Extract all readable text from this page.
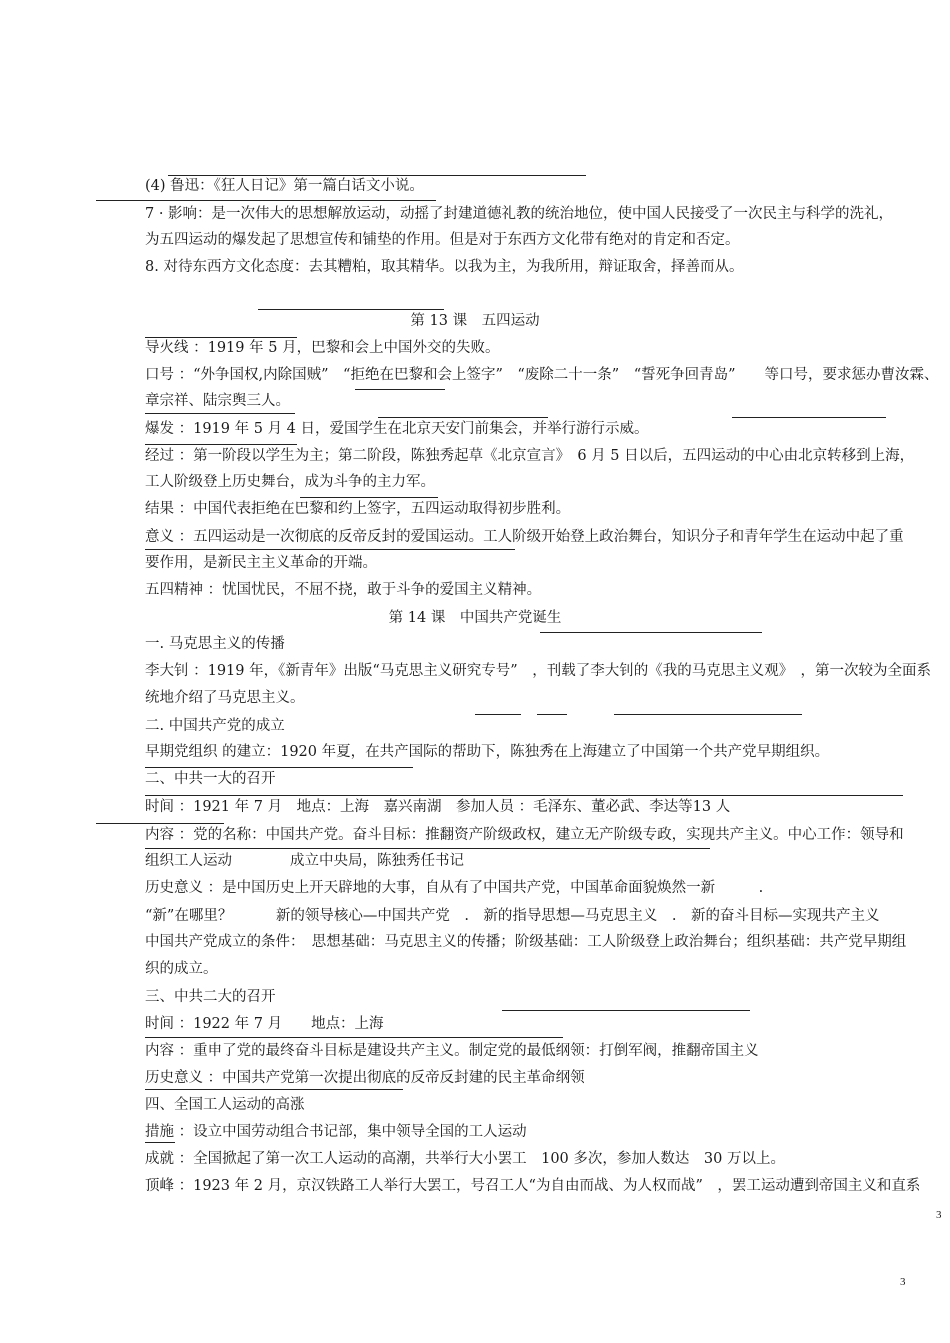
(4) 鲁迅：《狂人日记》第一篇白话文小说。
7 · 影响：是一次伟大的思想解放运动，动摇了封建道德礼教的统治地位，使中国人民接受了一次民主与科学的洗礼，
为五四运动的爆发起了思想宣传和铺垫的作用。但是对于东西方文化带有绝对的肯定和否定。
8. 对待东西方文化态度：去其糟粕，取其精华。以我为主，为我所用，辩证取舍，择善而从。
第 13 课　五四运动
导火线 ：1919 年 5 月，巴黎和会上中国外交的失败。
口号 ：“外争国权,内除国贼”　“拒绝在巴黎和会上签字”　“废除二十一条”　“誓死争回青岛”　　等口号，要求惩办曹汝霖、
章宗祥、陆宗舆三人。
爆发 ：1919 年 5 月 4 日，爱国学生在北京天安门前集会，并举行游行示威。
经过 ：第一阶段以学生为主；第二阶段，陈独秀起草《北京宣言》　6 月 5 日以后，五四运动的中心由北京转移到上海，
工人阶级登上历史舞台，成为斗争的主力军。
结果 ：中国代表拒绝在巴黎和约上签字，五四运动取得初步胜利。
意义 ：五四运动是一次彻底的反帝反封的爱国运动。工人阶级开始登上政治舞台，知识分子和青年学生在运动中起了重
要作用，是新民主主义革命的开端。
五四精神 ：忧国忧民，不屈不挠，敢于斗争的爱国主义精神。
第 14 课　中国共产党诞生
一. 马克思主义的传播
李大钊 ：1919 年，《新青年》出版“马克思主义研究专号”　，刊载了李大钊的《我的马克思主义观》　，第一次较为全面系
统地介绍了马克思主义。
二. 中国共产党的成立
早期党组织 的建立：1920 年夏，在共产国际的帮助下，陈独秀在上海建立了中国第一个共产党早期组织。
二、中共一大的召开
时间 ：1921 年 7 月　地点：上海　嘉兴南湖　参加人员 ：毛泽东、董必武、李达等13 人
内容 ：党的名称：中国共产党。奋斗目标：推翻资产阶级政权，建立无产阶级专政，实现共产主义。中心工作：领导和
组织工人运动　　　　成立中央局，陈独秀任书记
历史意义 ：是中国历史上开天辟地的大事，自从有了中国共产党，中国革命面貌焕然一新　　　.
“新”在哪里？　　　新的领导核心—中国共产党　.　新的指导思想—马克思主义　.　新的奋斗目标—实现共产主义
中国共产党成立的条件：　思想基础：马克思主义的传播；阶级基础：工人阶级登上政治舞台；组织基础：共产党早期组
织的成立。
三、中共二大的召开
时间 ：1922 年 7 月　　地点：上海
内容 ：重申了党的最终奋斗目标是建设共产主义。制定党的最低纲领：打倒军阀，推翻帝国主义
历史意义 ：中国共产党第一次提出彻底的反帝反封建的民主革命纲领
四、全国工人运动的高涨
措施 ：设立中国劳动组合书记部，集中领导全国的工人运动
成就 ：全国掀起了第一次工人运动的高潮，共举行大小罢工　100 多次，参加人数达　30 万以上。
顶峰 ：1923 年 2 月，京汉铁路工人举行大罢工，号召工人“为自由而战、为人权而战”　，罢工运动遭到帝国主义和直系
3
3
